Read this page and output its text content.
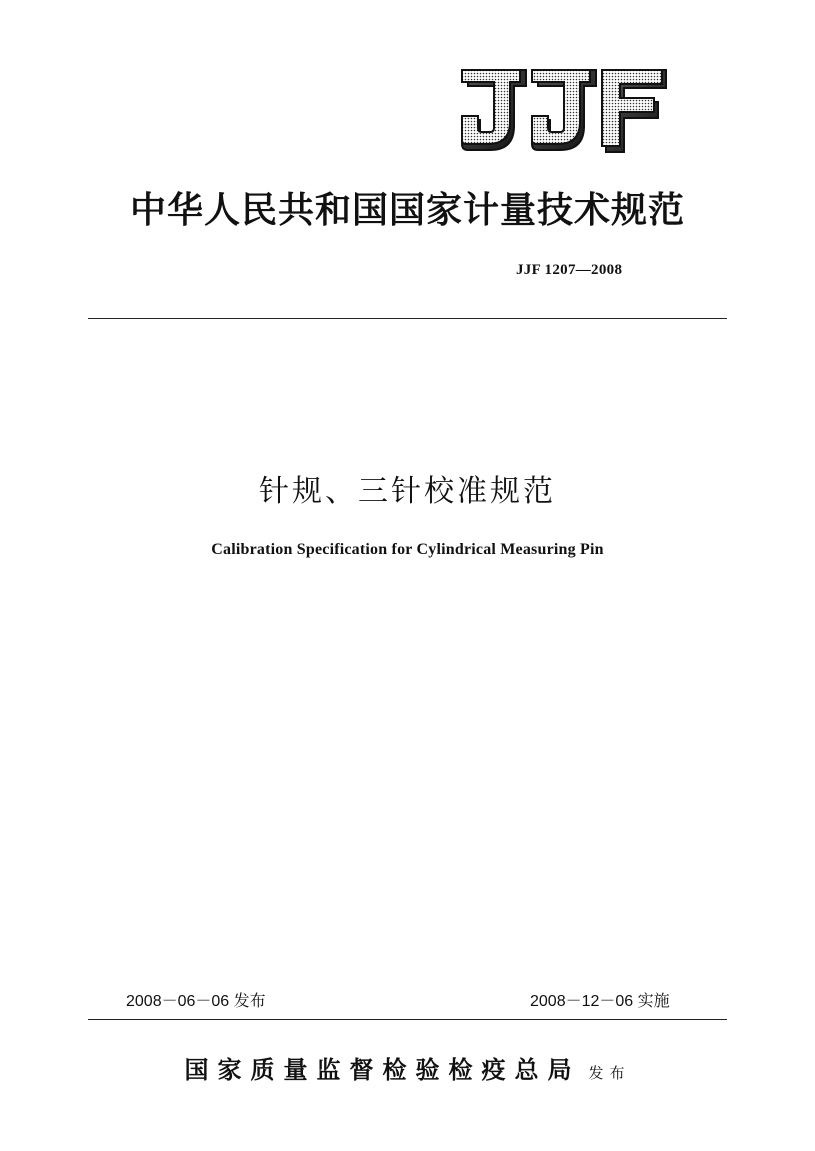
中华人民共和国国家计量技术规范
JJF 1207—2008
针规、三针校准规范
Calibration Specification for Cylindrical Measuring Pin
2008－06－06 发布	2008－12－06 实施
国家质量监督检验检疫总局 发布
